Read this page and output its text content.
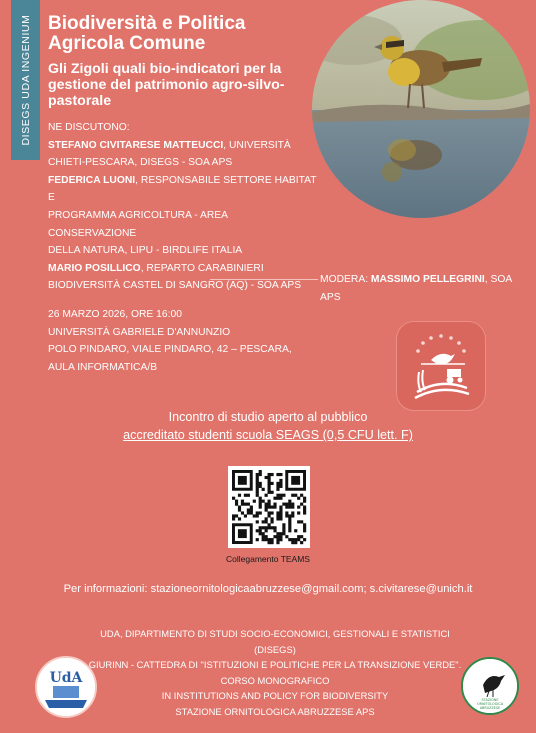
DISEGS UDA INGENIUM Biodiversità e Politica
Agricola Comune
Gli Zigoli quali bio-indicatori per la
gestione del patrimonio agro-silvo-
pastorale
NE DISCUTONO:
STEFANO CIVITARESE MATTEUCCI, UNIVERSITÀ
CHIETI-PESCARA, DISEGS - SOA APS
FEDERICA LUONI, RESPONSABILE SETTORE HABITAT E
PROGRAMMA AGRICOLTURA - AREA CONSERVAZIONE
DELLA NATURA, LIPU - BIRDLIFE ITALIA
MARIO POSILLICO, REPARTO CARABINIERI
BIODIVERSITÀ CASTEL DI SANGRO (AQ) - SOA APS
MODERA: MASSIMO PELLEGRINI, SOA APS
26 MARZO 2026, ORE 16:00
UNIVERSITÀ GABRIELE D'ANNUNZIO
POLO PINDARO, VIALE PINDARO, 42 – PESCARA,
AULA INFORMATICA/B
Incontro di studio aperto al pubblico
accreditato studenti scuola SEAGS (0,5 CFU lett. F)
Collegamento TEAMS
Per informazioni: stazioneornitologicaabruzzese@gmail.com; s.civitarese@unich.it
UDA, DIPARTIMENTO DI STUDI SOCIO-ECONOMICI, GESTIONALI E STATISTICI (DISEGS)
GIURINN - CATTEDRA DI "ISTITUZIONI E POLITICHE PER LA TRANSIZIONE VERDE". CORSO MONOGRAFICO
IN INSTITUTIONS AND POLICY FOR BIODIVERSITY
STAZIONE ORNITOLOGICA ABRUZZESE APS
UdA
STAZIONE
ORNITOLOGICA
ABRUZZESE
